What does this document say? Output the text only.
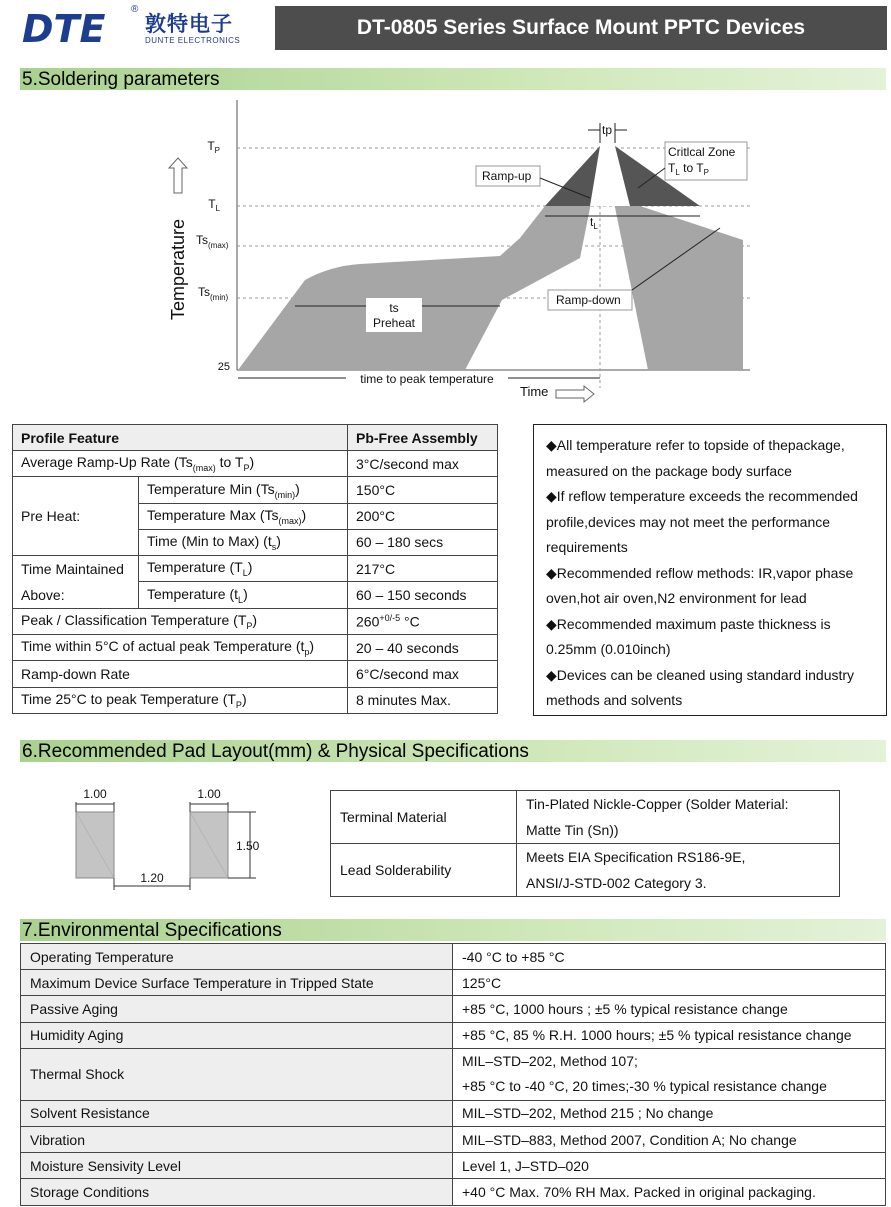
DTE	®
敦特电子
DUNTE ELECTRONICS
DT-0805 Series Surface Mount PPTC Devices
5.Soldering parameters
Temperature
$T_P$
$T_L$
$Ts_{(max)}$
$Ts_{(min)}$
25
tp
Critlcal Zone
$T_L$ to $T_P$
Ramp-up
$t_L$
Ramp-down
ts
Preheat
time to peak temperature
Time
Profile Feature		Pb-Free Assembly
Average Ramp-Up Rate ($Ts_{(max)}$ to $T_P$)		3°C/second max
Pre Heat:	Temperature Min $(Ts_{(min)})$	150°C
	Temperature Max $(Ts_{(max)})$	200°C
	Time (Min to Max) $(t_s)$	60 – 180 secs
Time Maintained
Above:	Temperature $(T_L)$	217°C
	Temperature $(t_L)$	60 – 150 seconds
Peak / Classification Temperature $(T_P)$		$260^{+0/-5}$ °C
Time within 5°C of actual peak Temperature $(t_p)$		20 – 40 seconds
Ramp-down Rate		6°C/second max
Time 25°C to peak Temperature $(T_P)$		8 minutes Max.
◆All temperature refer to topside of thepackage, measured on the package body surface
◆If reflow temperature exceeds the recommended profile,devices may not meet the performance requirements
◆Recommended reflow methods: IR,vapor phase oven,hot air oven,N2 environment for lead
◆Recommended maximum paste thickness is 0.25mm (0.010inch)
◆Devices can be cleaned using standard industry methods and solvents
6.Recommended Pad Layout(mm) & Physical Specifications
1.00	1.00
1.50
1.20
Terminal Material	Tin-Plated Nickle-Copper (Solder Material:
Matte Tin (Sn))

Lead Solderability	Meets EIA Specification RS186-9E,
ANSI/J-STD-002 Category 3.
7.Environmental Specifications
Operating Temperature	-40 °C to +85 °C
Maximum Device Surface Temperature in Tripped State	125°C
Passive Aging	+85 °C, 1000 hours ; ±5 % typical resistance change
Humidity Aging	+85 °C, 85 % R.H. 1000 hours; ±5 % typical resistance change
Thermal Shock	MIL–STD–202, Method 107;
+85 °C to -40 °C, 20 times;-30 % typical resistance change

Solvent Resistance	MIL–STD–202, Method 215 ; No change
Vibration	MIL–STD–883, Method 2007, Condition A; No change
Moisture Sensivity Level	Level 1, J–STD–020
Storage Conditions	+40 °C Max. 70% RH Max. Packed in original packaging.
